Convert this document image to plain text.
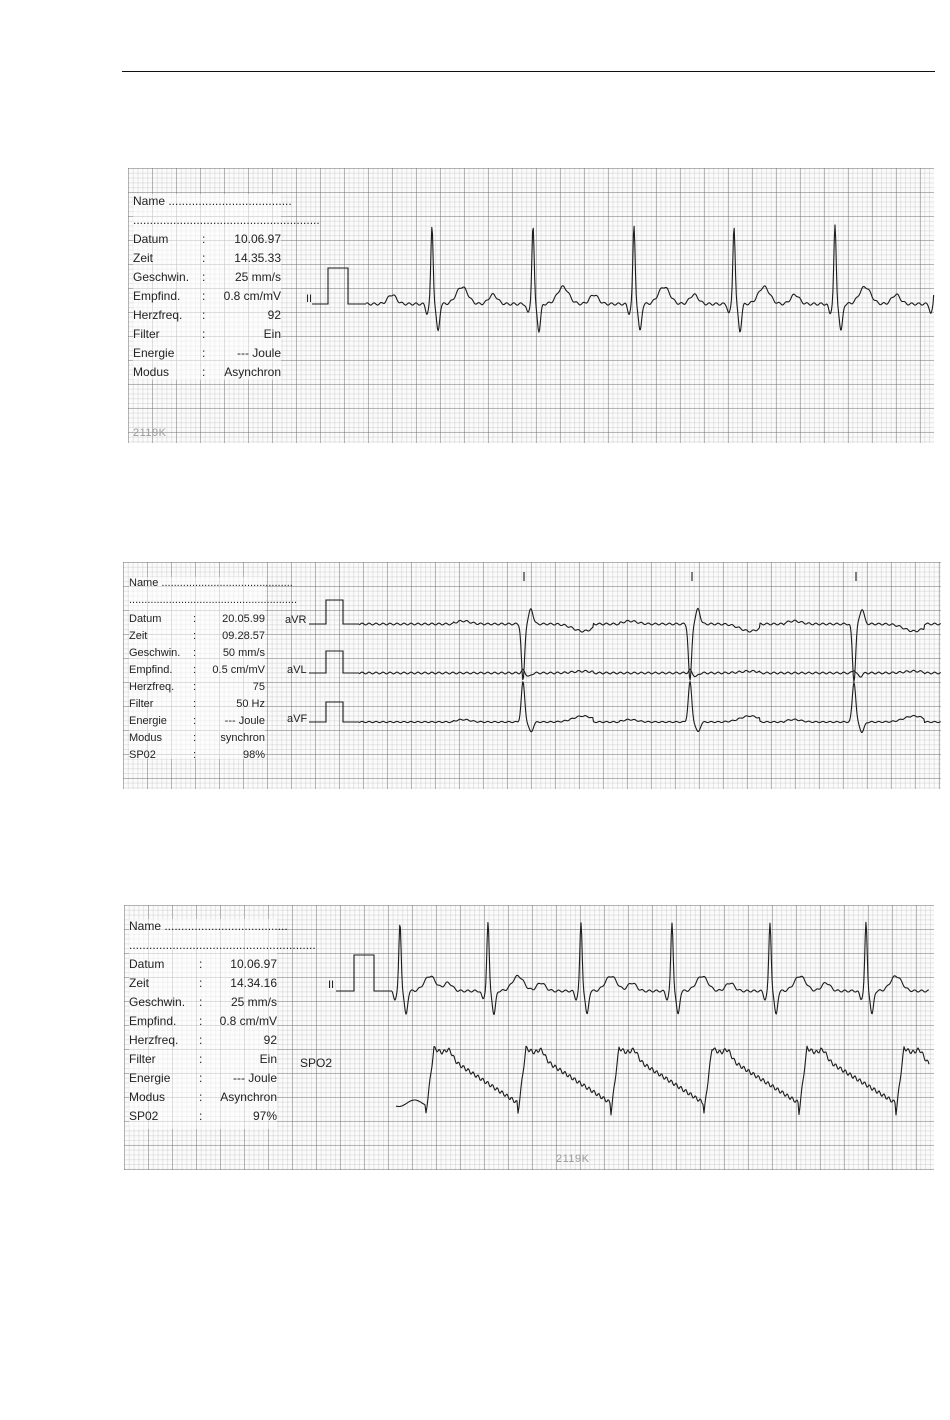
Name .....................................
........................................................
Datum	: 10.06.97
Zeit	: 14.35.33
Geschwin. : 25 mm/s
Empfind. : 0.8 cm/mV
Herzfreq. :	92
Filter	:	Ein
Energie :	--- Joule
Modus	: Asynchron
II
2119K
Name ...........................................
.......................................................
Datum	: 20.05.99
Zeit	: 09.28.57
Geschwin. : 50 mm/s
Empfind. : 0.5 cm/mV
Herzfreq. :	75
Filter	:	50 Hz
Energie :	--- Joule
Modus	: synchron
SP02	:	98%
aVR
aVL
aVF
Name .....................................
........................................................
Datum	: 10.06.97
Zeit	: 14.34.16
Geschwin. : 25 mm/s
Empfind. : 0.8 cm/mV
Herzfreq. :	92
Filter	:	Ein
Energie :	--- Joule
Modus	: Asynchron
SP02	:	97%
II
SPO2
2119K
